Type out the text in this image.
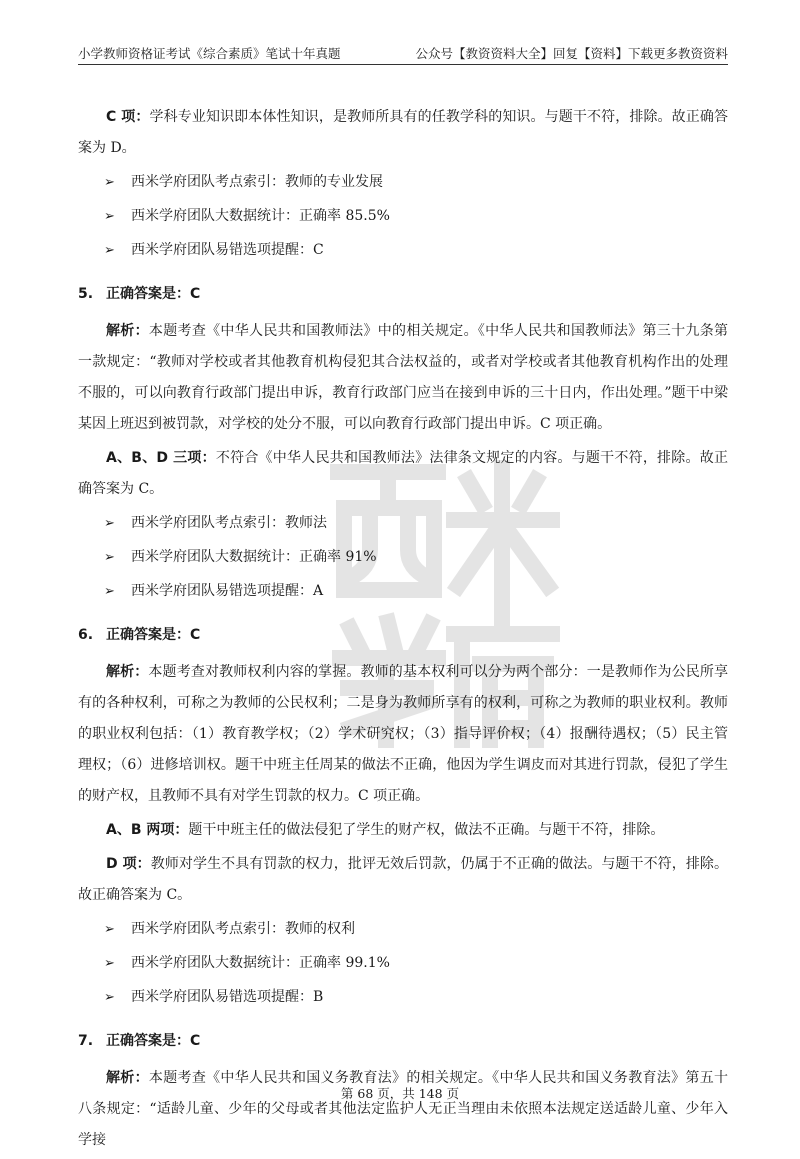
小学教师资格证考试《综合素质》笔试十年真题	公众号【教资资料大全】回复【资料】下载更多教资资料

C 项：学科专业知识即本体性知识，是教师所具有的任教学科的知识。与题干不符，排除。故正确答案为 D。

➢ 西米学府团队考点索引：教师的专业发展
➢ 西米学府团队大数据统计：正确率 85.5%
➢ 西米学府团队易错选项提醒：C
5. 正确答案是：C

解析：本题考查《中华人民共和国教师法》中的相关规定。《中华人民共和国教师法》第三十九条第一款规定：“教师对学校或者其他教育机构侵犯其合法权益的，或者对学校或者其他教育机构作出的处理不服的，可以向教育行政部门提出申诉，教育行政部门应当在接到申诉的三十日内，作出处理。”题干中梁某因上班迟到被罚款，对学校的处分不服，可以向教育行政部门提出申诉。C 项正确。

A、B、D 三项：不符合《中华人民共和国教师法》法律条文规定的内容。与题干不符，排除。故正确答案为 C。

➢ 西米学府团队考点索引：教师法
➢ 西米学府团队大数据统计：正确率 91%
➢ 西米学府团队易错选项提醒：A
6. 正确答案是：C

解析：本题考查对教师权利内容的掌握。教师的基本权利可以分为两个部分：一是教师作为公民所享有的各种权利，可称之为教师的公民权利；二是身为教师所享有的权利，可称之为教师的职业权利。教师的职业权利包括：（1）教育教学权；（2）学术研究权；（3）指导评价权；（4）报酬待遇权；（5）民主管理权；（6）进修培训权。题干中班主任周某的做法不正确，他因为学生调皮而对其进行罚款，侵犯了学生的财产权，且教师不具有对学生罚款的权力。C 项正确。

A、B 两项：题干中班主任的做法侵犯了学生的财产权，做法不正确。与题干不符，排除。

D 项：教师对学生不具有罚款的权力，批评无效后罚款，仍属于不正确的做法。与题干不符，排除。故正确答案为 C。

➢ 西米学府团队考点索引：教师的权利
➢ 西米学府团队大数据统计：正确率 99.1%
➢ 西米学府团队易错选项提醒：B
7. 正确答案是：C

解析：本题考查《中华人民共和国义务教育法》的相关规定。《中华人民共和国义务教育法》第五十八条规定：“适龄儿童、少年的父母或者其他法定监护人无正当理由未依照本法规定送适龄儿童、少年入学接

第 68 页，共 148 页
